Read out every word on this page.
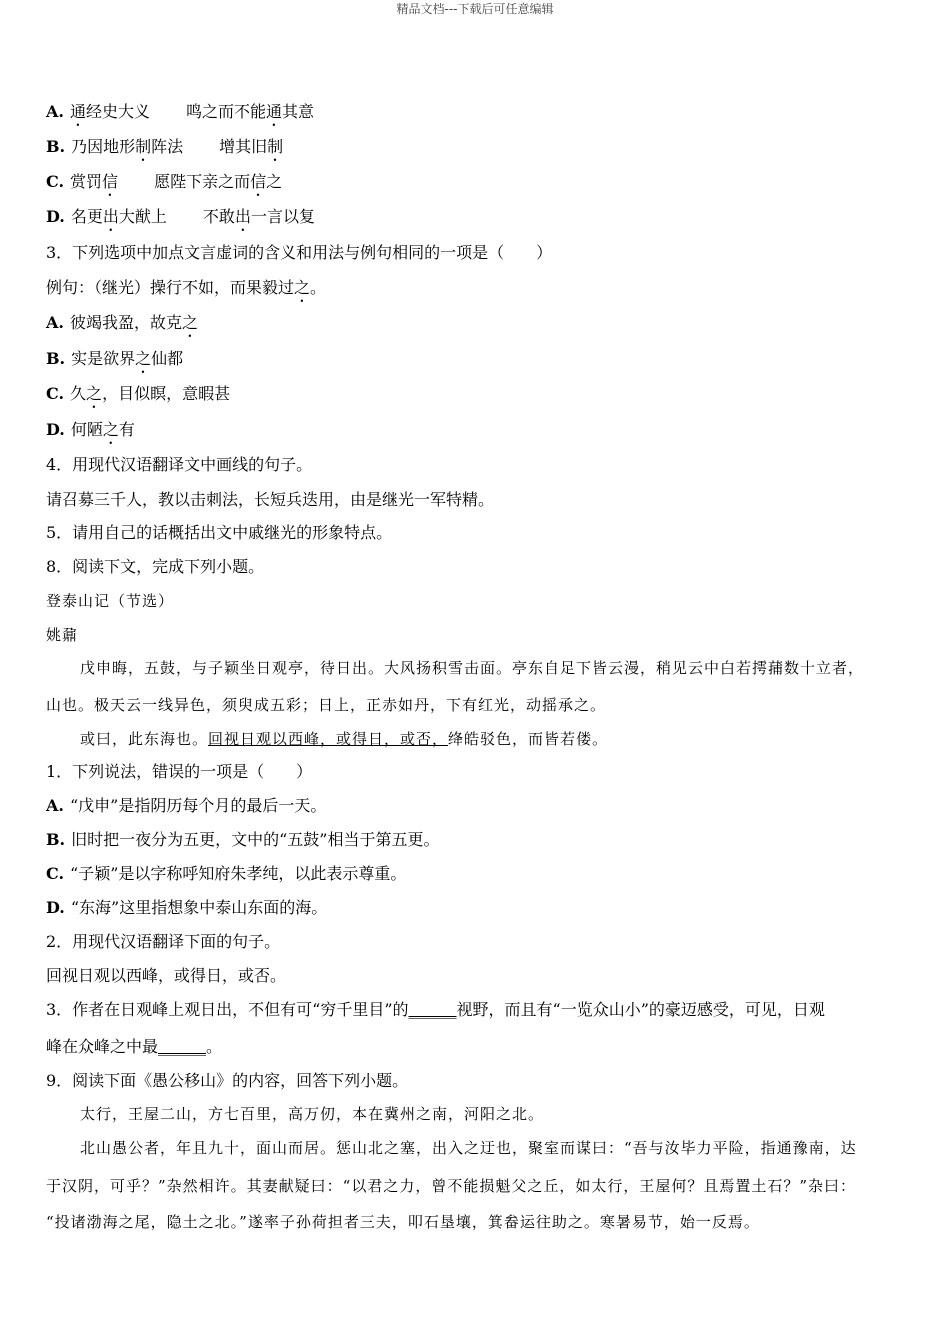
精品文档---下载后可任意编辑
A. 通经史大义 鸣之而不能通其意
B. 乃因地形制阵法 增其旧制
C. 赏罚信 愿陛下亲之而信之
D. 名更出大猷上 不敢出一言以复
3．下列选项中加点文言虚词的含义和用法与例句相同的一项是（　　）
例句：（继光）操行不如，而果毅过之。
A. 彼竭我盈，故克之
B. 实是欲界之仙都
C. 久之，目似瞑，意暇甚
D. 何陋之有
4．用现代汉语翻译文中画线的句子。
请召募三千人，教以击刺法，长短兵迭用，由是继光一军特精。
5．请用自己的话概括出文中戚继光的形象特点。
8．阅读下文，完成下列小题。
登泰山记（节选）
姚鼐
戊申晦，五鼓，与子颖坐日观亭，待日出。大风扬积雪击面。亭东自足下皆云漫，稍见云中白若摴蒱数十立者，
山也。极天云一线异色，须臾成五彩；日上，正赤如丹，下有红光，动摇承之。
或曰，此东海也。回视日观以西峰，或得日，或否，绛皓驳色，而皆若偻。
1．下列说法，错误的一项是（　　）
A. “戊申”是指阴历每个月的最后一天。
B. 旧时把一夜分为五更，文中的“五鼓”相当于第五更。
C. “子颖”是以字称呼知府朱孝纯，以此表示尊重。
D. “东海”这里指想象中泰山东面的海。
2．用现代汉语翻译下面的句子。
回视日观以西峰，或得日，或否。
3．作者在日观峰上观日出，不但有可“穷千里目”的______视野，而且有“一览众山小”的豪迈感受，可见，日观
峰在众峰之中最______。
9．阅读下面《愚公移山》的内容，回答下列小题。
太行，王屋二山，方七百里，高万仞，本在冀州之南，河阳之北。
北山愚公者，年且九十，面山而居。惩山北之塞，出入之迂也，聚室而谋曰：“吾与汝毕力平险，指通豫南，达
于汉阴，可乎？”杂然相许。其妻献疑曰：“以君之力，曾不能损魁父之丘，如太行，王屋何？且焉置土石？”杂曰：
“投诸渤海之尾，隐土之北。”遂率子孙荷担者三夫，叩石垦壤，箕畚运往助之。寒暑易节，始一反焉。
